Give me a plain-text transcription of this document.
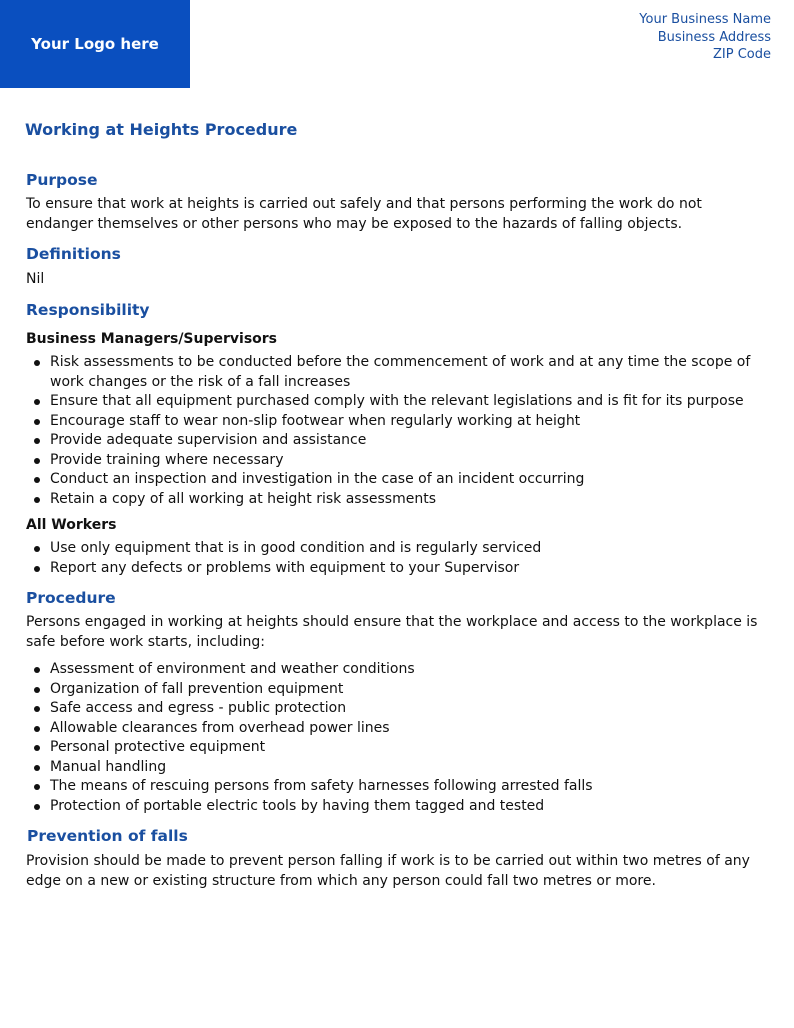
Your Logo here
Your Business Name
Business Address
ZIP Code
Working at Heights Procedure
Purpose
To ensure that work at heights is carried out safely and that persons performing the work do not endanger themselves or other persons who may be exposed to the hazards of falling objects.
Definitions
Nil
Responsibility
Business Managers/Supervisors
Risk assessments to be conducted before the commencement of work and at any time the scope of work changes or the risk of a fall increases
Ensure that all equipment purchased comply with the relevant legislations and is fit for its purpose
Encourage staff to wear non-slip footwear when regularly working at height
Provide adequate supervision and assistance
Provide training where necessary
Conduct an inspection and investigation in the case of an incident occurring
Retain a copy of all working at height risk assessments
All Workers
Use only equipment that is in good condition and is regularly serviced
Report any defects or problems with equipment to your Supervisor
Procedure
Persons engaged in working at heights should ensure that the workplace and access to the workplace is safe before work starts, including:
Assessment of environment and weather conditions
Organization of fall prevention equipment
Safe access and egress - public protection
Allowable clearances from overhead power lines
Personal protective equipment
Manual handling
The means of rescuing persons from safety harnesses following arrested falls
Protection of portable electric tools by having them tagged and tested
Prevention of falls
Provision should be made to prevent person falling if work is to be carried out within two metres of any edge on a new or existing structure from which any person could fall two metres or more.
